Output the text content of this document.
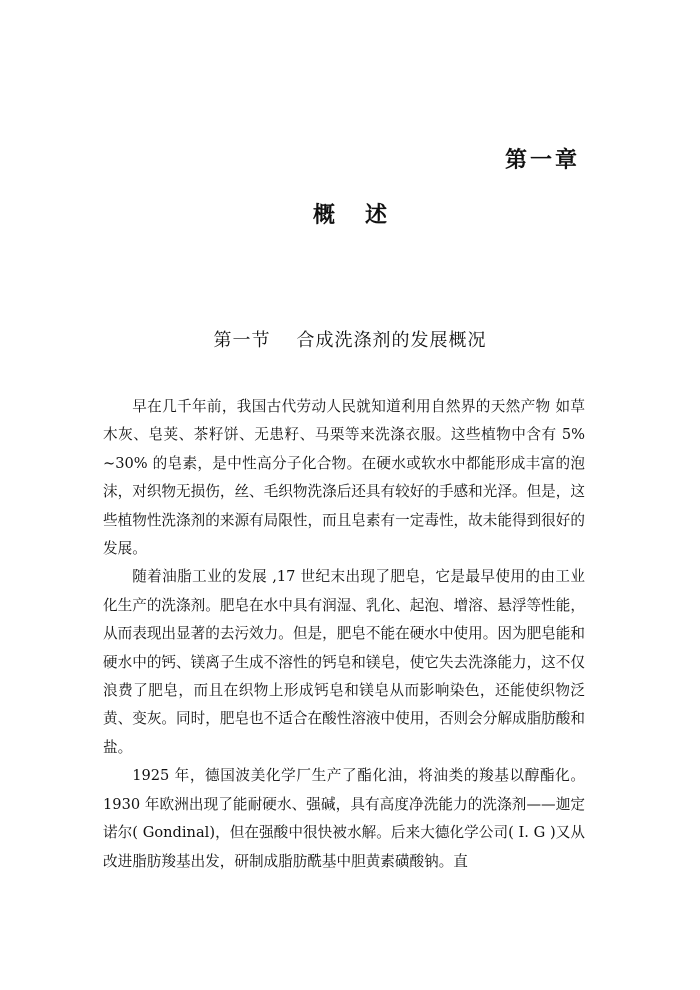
第一章
概述
第一节 合成洗涤剂的发展概况

早在几千年前，我国古代劳动人民就知道利用自然界的天然产物 如草木灰、皂荚、茶籽饼、无患籽、马栗等来洗涤衣服。这些植物中含有 5% ~30% 的皂素，是中性高分子化合物。在硬水或软水中都能形成丰富的泡沫，对织物无损伤，丝、毛织物洗涤后还具有较好的手感和光泽。但是，这些植物性洗涤剂的来源有局限性，而且皂素有一定毒性，故未能得到很好的发展。

随着油脂工业的发展 ,17 世纪末出现了肥皂，它是最早使用的由工业化生产的洗涤剂。肥皂在水中具有润湿、乳化、起泡、增溶、悬浮等性能，从而表现出显著的去污效力。但是，肥皂不能在硬水中使用。因为肥皂能和硬水中的钙、镁离子生成不溶性的钙皂和镁皂，使它失去洗涤能力，这不仅浪费了肥皂，而且在织物上形成钙皂和镁皂从而影响染色，还能使织物泛黄、变灰。同时，肥皂也不适合在酸性溶液中使用，否则会分解成脂肪酸和盐。

1925 年，德国波美化学厂生产了酯化油，将油类的羧基以醇酯化。1930 年欧洲出现了能耐硬水、强碱，具有高度净洗能力的洗涤剂——迦定诺尔( Gondinal)，但在强酸中很快被水解。后来大德化学公司( I. G )又从改进脂肪羧基出发，研制成脂肪酰基中胆黄素磺酸钠。直
